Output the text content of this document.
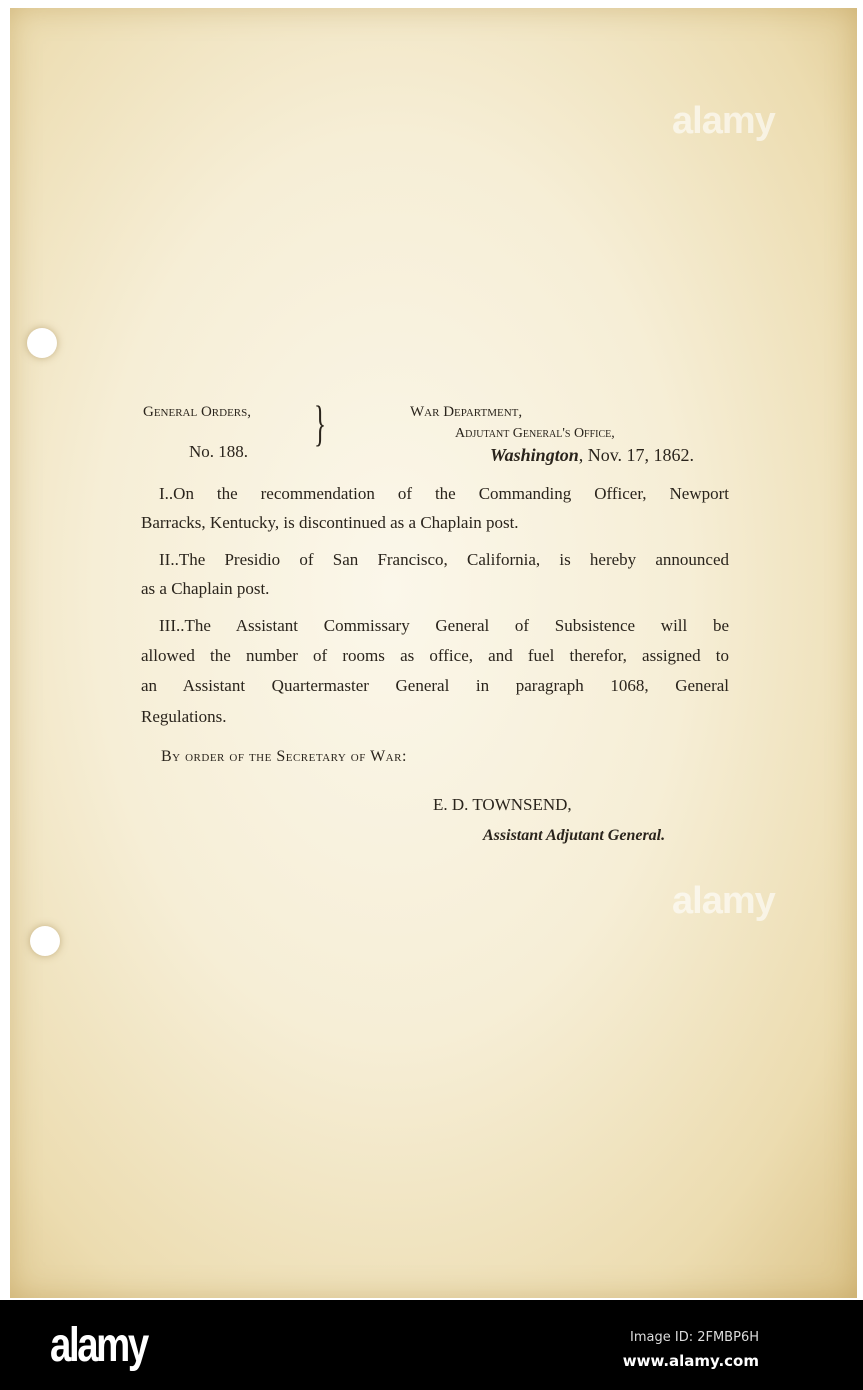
alamy
alamy
General Orders,
No. 188.
}	War Department,
Adjutant General's Office,
Washington, Nov. 17, 1862.
I..On the recommendation of the Commanding Officer, Newport
Barracks, Kentucky, is discontinued as a Chaplain post.
II..The Presidio of San Francisco, California, is hereby announced
as a Chaplain post.
III..The Assistant Commissary General of Subsistence will be
allowed the number of rooms as office, and fuel therefor, assigned to
an Assistant Quartermaster General in paragraph 1068, General
Regulations.
By order of the Secretary of War:
E. D. TOWNSEND,
Assistant Adjutant General.
alamy	Image ID: 2FMBP6H
www.alamy.com
